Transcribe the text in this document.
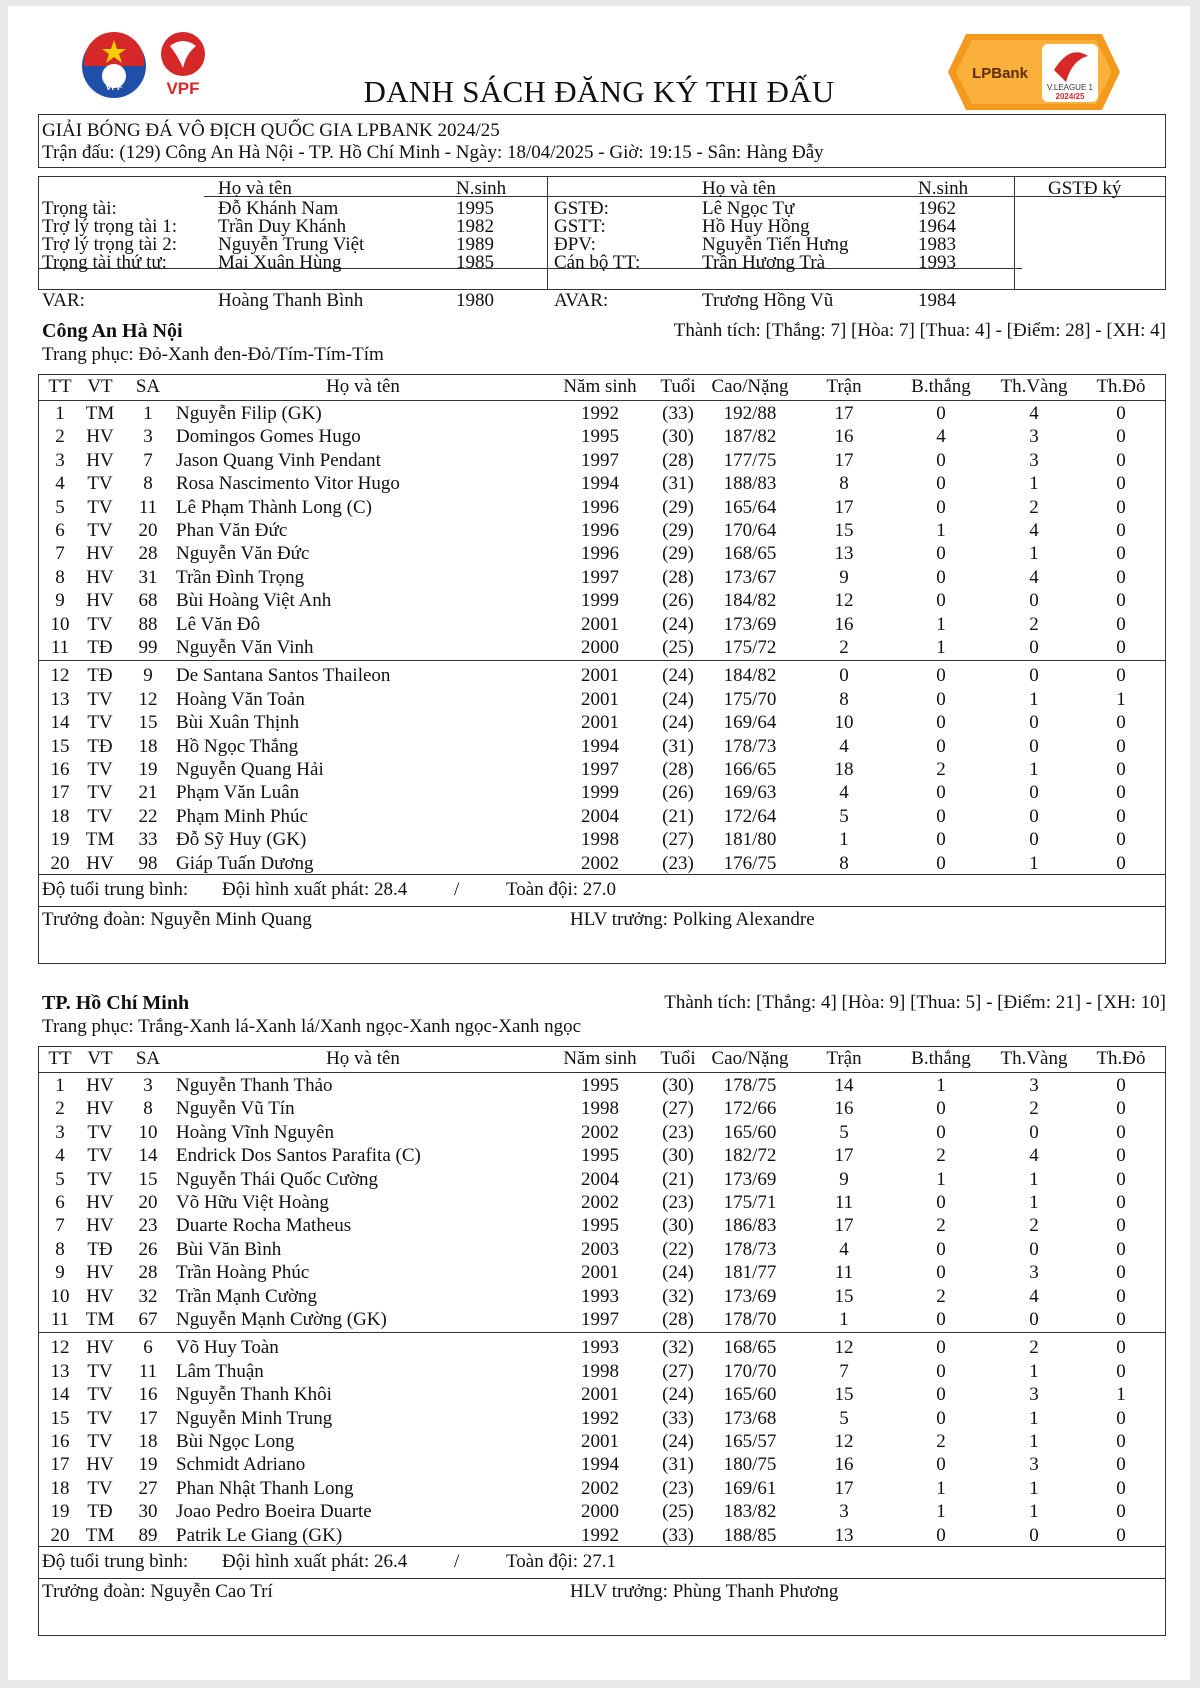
VFF	VPF
LPBank
V.LEAGUE 1
2024/25
DANH SÁCH ĐĂNG KÝ THI ĐẤU
GIẢI BÓNG ĐÁ VÔ ĐỊCH QUỐC GIA LPBANK 2024/25
Trận đấu: (129) Công An Hà Nội - TP. Hồ Chí Minh - Ngày: 18/04/2025 - Giờ: 19:15 - Sân: Hàng Đẫy
Họ và tên	N.sinh	Họ và tên	N.sinh	GSTĐ ký
Trọng tài:	Đỗ Khánh Nam	1995
Trợ lý trọng tài 1: Trần Duy Khánh	1982
Trợ lý trọng tài 2: Nguyễn Trung Việt	1989
Trọng tài thứ tư:	Mai Xuân Hùng	1985
GSTĐ:	Lê Ngọc Tự	1962
GSTT:	Hồ Huy Hồng	1964
ĐPV:	Nguyễn Tiến Hưng	1983
Cán bộ TT:	Trần Hương Trà	1993
VAR:	Hoàng Thanh Bình	1980	AVAR:	Trương Hồng Vũ	1984
Công An Hà Nội	Thành tích: [Thắng: 7] [Hòa: 7] [Thua: 4] - [Điểm: 28] - [XH: 4]
Trang phục: Đỏ-Xanh đen-Đỏ/Tím-Tím-Tím
TT VT	SA	Họ và tên	Năm sinh	Tuổi Cao/Nặng	Trận	B.thắng	Th.Vàng	Th.Đỏ
1	TM	1	Nguyễn Filip (GK)	1992	(33)	192/88	17	0	4	0
2	HV	3	Domingos Gomes Hugo	1995	(30)	187/82	16	4	3	0
3	HV	7	Jason Quang Vinh Pendant	1997	(28)	177/75	17	0	3	0
4	TV	8	Rosa Nascimento Vitor Hugo	1994	(31)	188/83	8	0	1	0
5	TV	11 Lê Phạm Thành Long (C)	1996	(29)	165/64	17	0	2	0
6	TV	20 Phan Văn Đức	1996	(29)	170/64	15	1	4	0
7	HV	28 Nguyễn Văn Đức	1996	(29)	168/65	13	0	1	0
8	HV	31 Trần Đình Trọng	1997	(28)	173/67	9	0	4	0
9	HV	68 Bùi Hoàng Việt Anh	1999	(26)	184/82	12	0	0	0
10 TV	88 Lê Văn Đô	2001	(24)	173/69	16	1	2	0
11 TĐ	99 Nguyễn Văn Vinh	2000	(25)	175/72	2	1	0	0
12 TĐ	9	De Santana Santos Thaileon	2001	(24)	184/82	0	0	0	0
13 TV	12 Hoàng Văn Toản	2001	(24)	175/70	8	0	1	1
14 TV	15 Bùi Xuân Thịnh	2001	(24)	169/64	10	0	0	0
15 TĐ	18 Hồ Ngọc Thắng	1994	(31)	178/73	4	0	0	0
16 TV	19 Nguyễn Quang Hải	1997	(28)	166/65	18	2	1	0
17 TV	21 Phạm Văn Luân	1999	(26)	169/63	4	0	0	0
18 TV	22 Phạm Minh Phúc	2004	(21)	172/64	5	0	0	0
19 TM	33 Đỗ Sỹ Huy (GK)	1998	(27)	181/80	1	0	0	0
20 HV	98 Giáp Tuấn Dương	2002	(23)	176/75	8	0	1	0
Độ tuổi trung bình: Đội hình xuất phát: 28.4 / Toàn đội: 27.0
Trưởng đoàn: Nguyễn Minh Quang	HLV trưởng: Polking Alexandre
TP. Hồ Chí Minh	Thành tích: [Thắng: 4] [Hòa: 9] [Thua: 5] - [Điểm: 21] - [XH: 10]
Trang phục: Trắng-Xanh lá-Xanh lá/Xanh ngọc-Xanh ngọc-Xanh ngọc
TT VT	SA	Họ và tên	Năm sinh	Tuổi Cao/Nặng	Trận	B.thắng	Th.Vàng	Th.Đỏ
1	HV	3	Nguyễn Thanh Thảo	1995	(30)	178/75	14	1	3	0
2	HV	8	Nguyễn Vũ Tín	1998	(27)	172/66	16	0	2	0
3	TV	10 Hoàng Vĩnh Nguyên	2002	(23)	165/60	5	0	0	0
4	TV	14 Endrick Dos Santos Parafita (C)	1995	(30)	182/72	17	2	4	0
5	TV	15 Nguyễn Thái Quốc Cường	2004	(21)	173/69	9	1	1	0
6	HV	20 Võ Hữu Việt Hoàng	2002	(23)	175/71	11	0	1	0
7	HV	23 Duarte Rocha Matheus	1995	(30)	186/83	17	2	2	0
8	TĐ	26 Bùi Văn Bình	2003	(22)	178/73	4	0	0	0
9	HV	28 Trần Hoàng Phúc	2001	(24)	181/77	11	0	3	0
10 HV	32 Trần Mạnh Cường	1993	(32)	173/69	15	2	4	0
11 TM	67 Nguyễn Mạnh Cường (GK)	1997	(28)	178/70	1	0	0	0
12 HV	6	Võ Huy Toàn	1993	(32)	168/65	12	0	2	0
13 TV	11 Lâm Thuận	1998	(27)	170/70	7	0	1	0
14 TV	16 Nguyễn Thanh Khôi	2001	(24)	165/60	15	0	3	1
15 TV	17 Nguyễn Minh Trung	1992	(33)	173/68	5	0	1	0
16 TV	18 Bùi Ngọc Long	2001	(24)	165/57	12	2	1	0
17 HV	19 Schmidt Adriano	1994	(31)	180/75	16	0	3	0
18 TV	27 Phan Nhật Thanh Long	2002	(23)	169/61	17	1	1	0
19 TĐ	30 Joao Pedro Boeira Duarte	2000	(25)	183/82	3	1	1	0
20 TM	89 Patrik Le Giang (GK)	1992	(33)	188/85	13	0	0	0
Độ tuổi trung bình: Đội hình xuất phát: 26.4 / Toàn đội: 27.1
Trưởng đoàn: Nguyễn Cao Trí	HLV trưởng: Phùng Thanh Phương
